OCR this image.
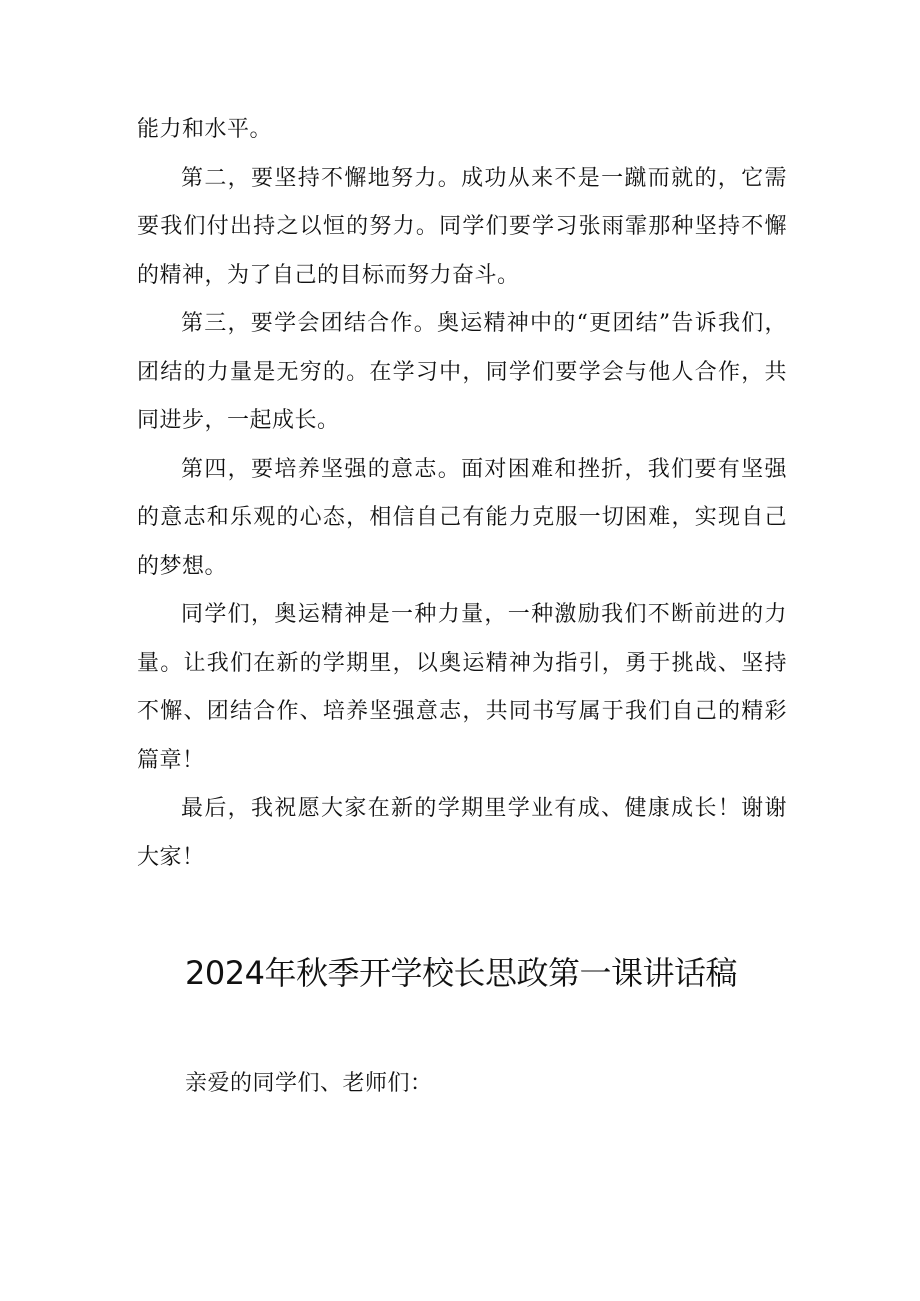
能力和水平。

第二，要坚持不懈地努力。成功从来不是一蹴而就的，它需要我们付出持之以恒的努力。同学们要学习张雨霏那种坚持不懈的精神，为了自己的目标而努力奋斗。

第三，要学会团结合作。奥运精神中的“更团结”告诉我们，团结的力量是无穷的。在学习中，同学们要学会与他人合作，共同进步，一起成长。

第四，要培养坚强的意志。面对困难和挫折，我们要有坚强的意志和乐观的心态，相信自己有能力克服一切困难，实现自己的梦想。

同学们，奥运精神是一种力量，一种激励我们不断前进的力量。让我们在新的学期里，以奥运精神为指引，勇于挑战、坚持不懈、团结合作、培养坚强意志，共同书写属于我们自己的精彩篇章！

最后，我祝愿大家在新的学期里学业有成、健康成长！谢谢大家！

2024年秋季开学校长思政第一课讲话稿

亲爱的同学们、老师们：
